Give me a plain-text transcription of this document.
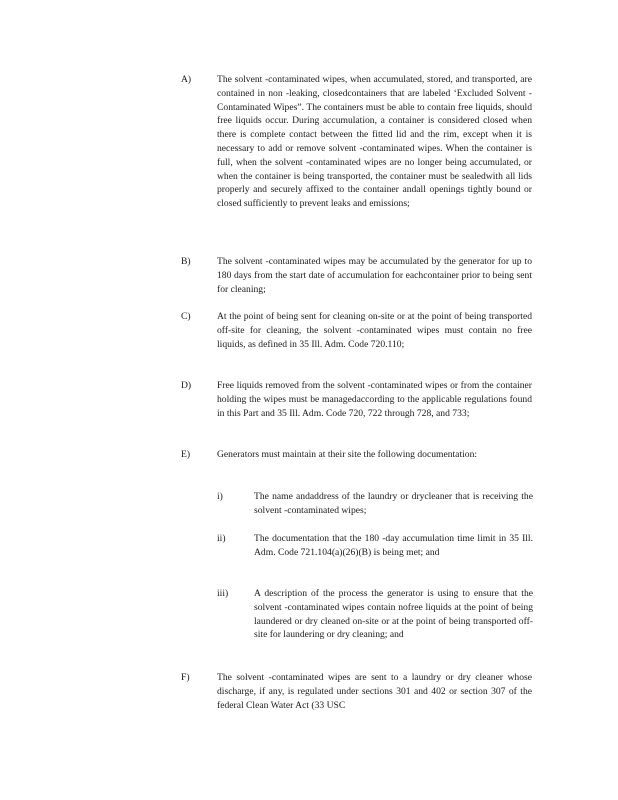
A)	The solvent -contaminated wipes, when accumulated, stored, and transported, are contained in non -leaking, closedcontainers that are labeled ‘Excluded Solvent -Contaminated Wipes”. The containers must be able to contain free liquids, should free liquids occur. During accumulation, a container is considered closed when there is complete contact between the fitted lid and the rim, except when it is necessary to add or remove solvent -contaminated wipes. When the container is full, when the solvent -contaminated wipes are no longer being accumulated, or when the container is being transported, the container must be sealedwith all lids properly and securely affixed to the container andall openings tightly bound or closed sufficiently to prevent leaks and emissions;
B)	The solvent -contaminated wipes may be accumulated by the generator for up to 180 days from the start date of accumulation for eachcontainer prior to being sent for cleaning;
C)	At the point of being sent for cleaning on-site or at the point of being transported off-site for cleaning, the solvent -contaminated wipes must contain no free liquids, as defined in 35 Ill. Adm. Code 720.110;
D)	Free liquids removed from the solvent -contaminated wipes or from the container holding the wipes must be managedaccording to the applicable regulations found in this Part and 35 Ill. Adm. Code 720, 722 through 728, and 733;
E)	Generators must maintain at their site the following documentation:
i)	The name andaddress of the laundry or drycleaner that is receiving the solvent -contaminated wipes;
ii)	The documentation that the 180 -day accumulation time limit in 35 Ill. Adm. Code 721.104(a)(26)(B) is being met; and
iii)	A description of the process the generator is using to ensure that the solvent -contaminated wipes contain nofree liquids at the point of being laundered or dry cleaned on-site or at the point of being transported off-site for laundering or dry cleaning; and
F)	The solvent -contaminated wipes are sent to a laundry or dry cleaner whose discharge, if any, is regulated under sections 301 and 402 or section 307 of the federal Clean Water Act (33 USC
